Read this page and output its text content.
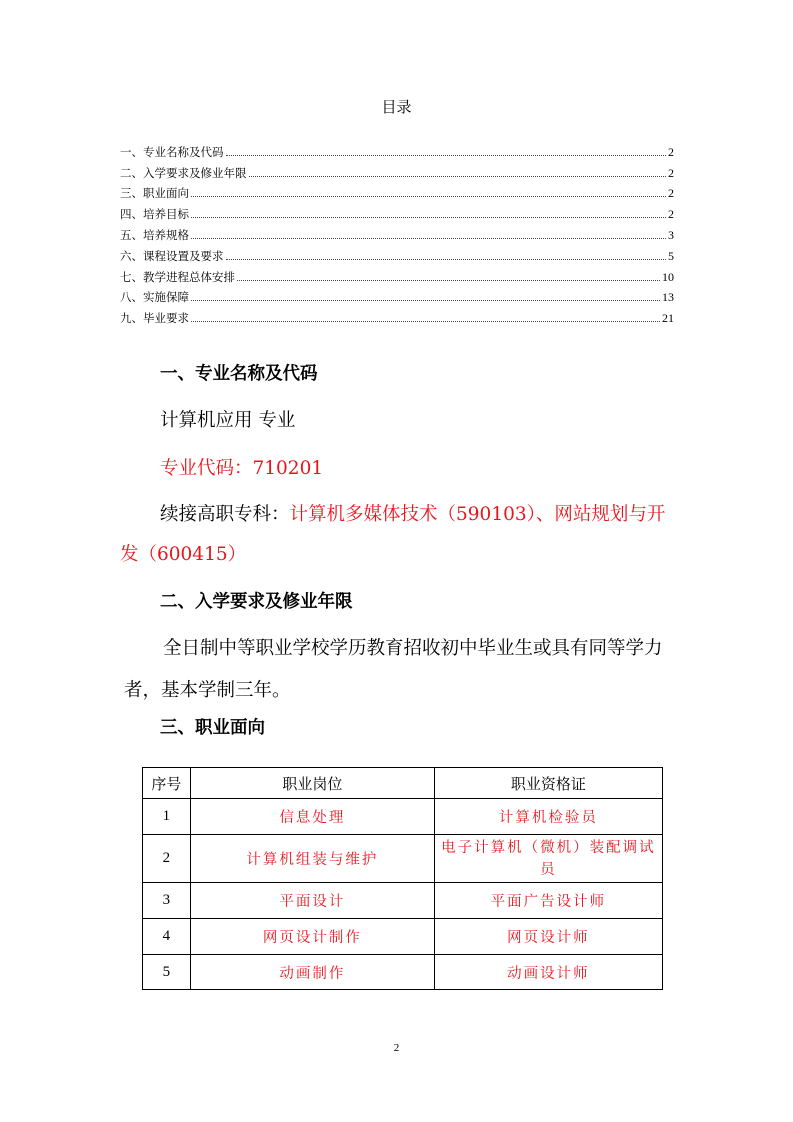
目录
一、专业名称及代码	2
二、入学要求及修业年限	2
三、职业面向	2
四、培养目标	2
五、培养规格	3
六、课程设置及要求	5
七、教学进程总体安排	10
八、实施保障	13
九、毕业要求	21
一、专业名称及代码
计算机应用 专业
专业代码：710201
续接高职专科：计算机多媒体技术（590103）、网站规划与开
发（600415）
二、入学要求及修业年限
全日制中等职业学校学历教育招收初中毕业生或具有同等学力
者，基本学制三年。
三、职业面向
序号	职业岗位	职业资格证
1	信息处理	计算机检验员
2	计算机组装与维护	电子计算机（微机）装配调试员
3	平面设计	平面广告设计师
4	网页设计制作	网页设计师
5	动画制作	动画设计师
2
